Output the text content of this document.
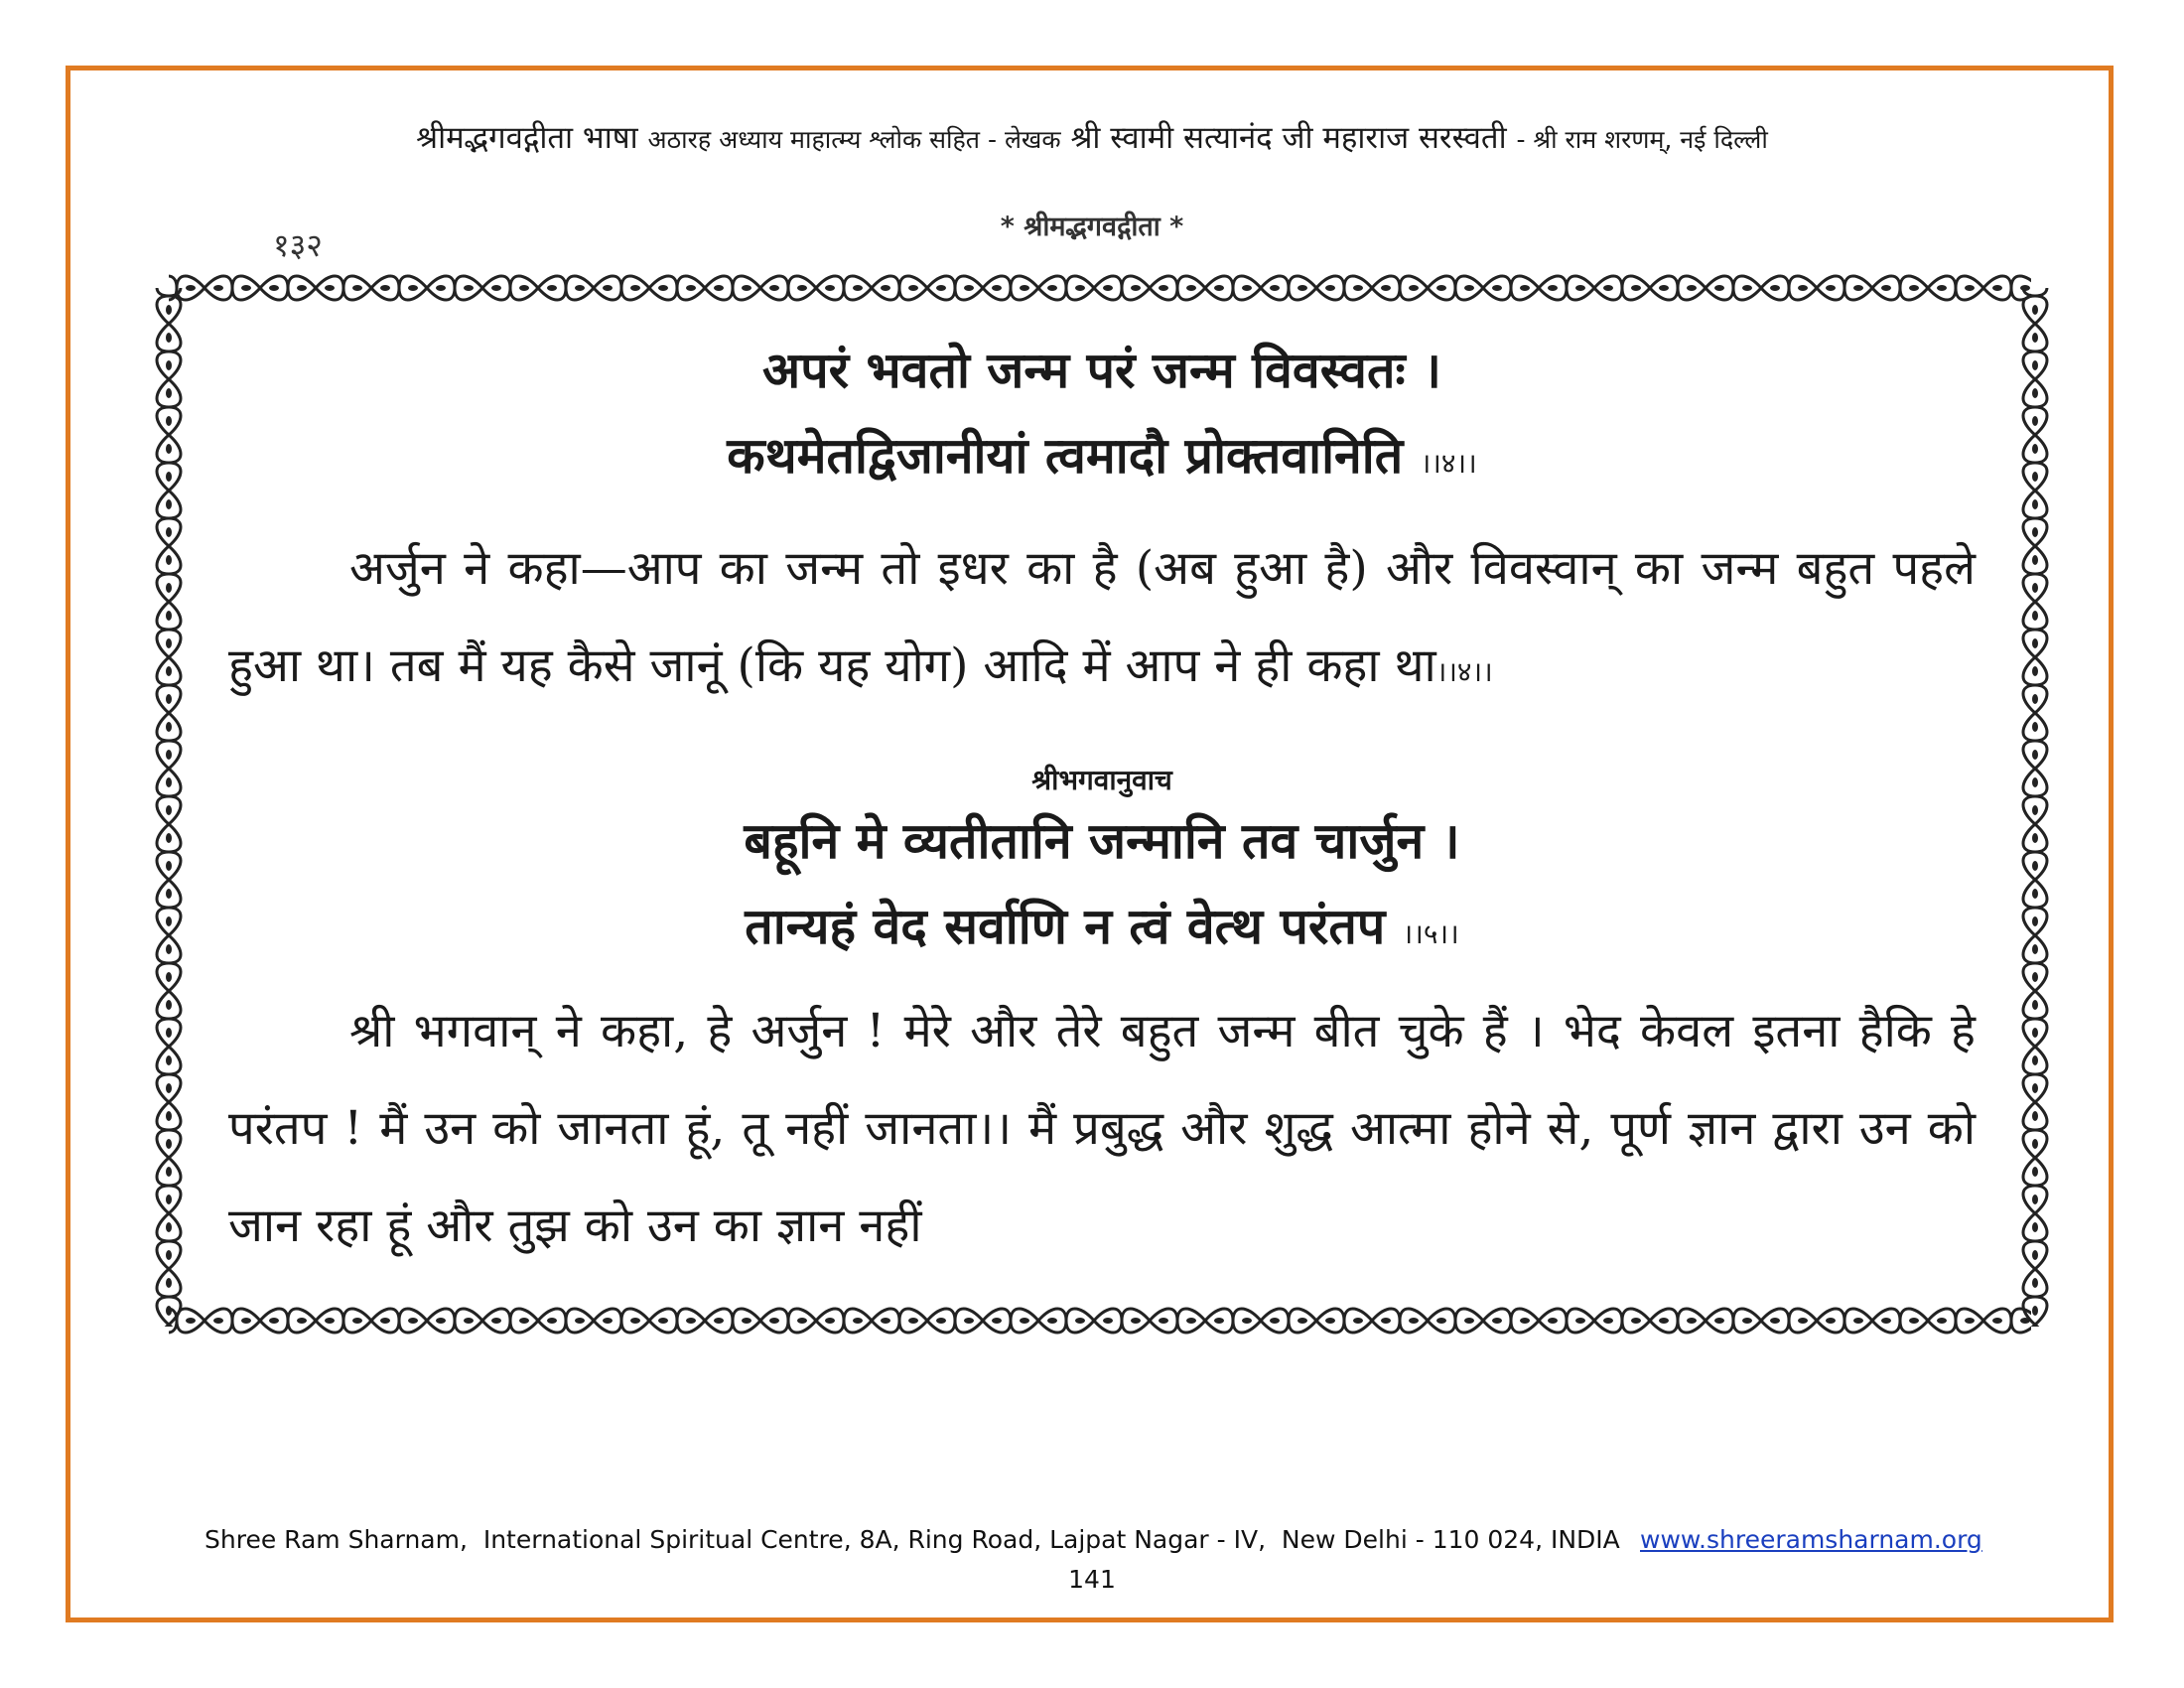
श्रीमद्भगवद्गीता भाषा अठारह अध्याय माहात्म्य श्लोक सहित - लेखक श्री स्वामी सत्यानंद जी महाराज सरस्वती - श्री राम शरणम्, नई दिल्ली
१३२	* श्रीमद्भगवद्गीता *

अपरं भवतो जन्म परं जन्म विवस्वतः ।

कथमेतद्विजानीयां त्वमादौ प्रोक्तवानिति ।।४।।

अर्जुन ने कहा—आप का जन्म तो इधर का है (अब हुआ है) और विवस्वान् का जन्म बहुत पहले हुआ था। तब मैं यह कैसे जानूं (कि यह योग) आदि में आप ने ही कहा था।।४।।

श्रीभगवानुवाच

बहूनि मे व्यतीतानि जन्मानि तव चार्जुन ।

तान्यहं वेद सर्वाणि न त्वं वेत्थ परंतप ।।५।।

श्री भगवान् ने कहा, हे अर्जुन ! मेरे और तेरे बहुत जन्म बीत चुके हैं । भेद केवल इतना हैकि हे परंतप ! मैं उन को जानता हूं, तू नहीं जानता।। मैं प्रबुद्ध और शुद्ध आत्मा होने से, पूर्ण ज्ञान द्वारा उन को जान रहा हूं और तुझ को उन का ज्ञान नहीं

Shree Ram Sharnam,  International Spiritual Centre, 8A, Ring Road, Lajpat Nagar - IV,  New Delhi - 110 024, INDIA www.shreeramsharnam.org
141
